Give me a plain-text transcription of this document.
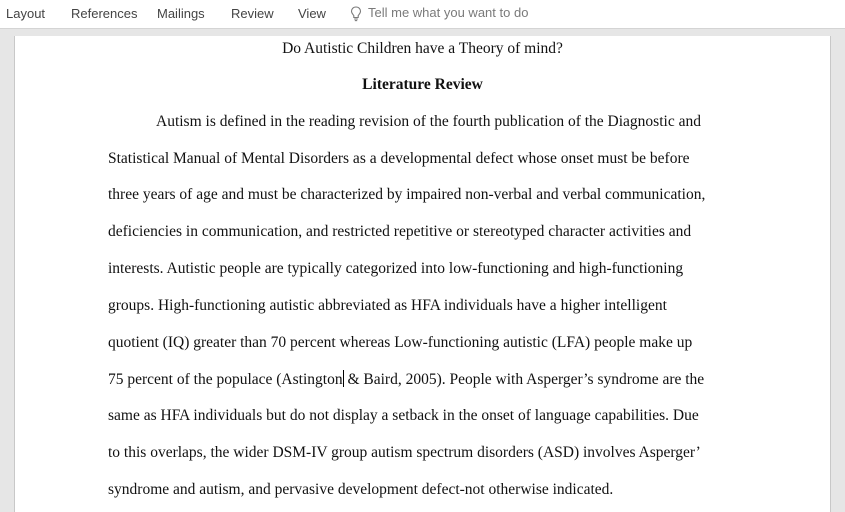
Layout References Mailings Review View	Tell me what you want to do
Do Autistic Children have a Theory of mind?
Literature Review
Autism is defined in the reading revision of the fourth publication of the Diagnostic and
Statistical Manual of Mental Disorders as a developmental defect whose onset must be before
three years of age and must be characterized by impaired non-verbal and verbal communication,
deficiencies in communication, and restricted repetitive or stereotyped character activities and
interests. Autistic people are typically categorized into low-functioning and high-functioning
groups. High-functioning autistic abbreviated as HFA individuals have a higher intelligent
quotient (IQ) greater than 70 percent whereas Low-functioning autistic (LFA) people make up
75 percent of the populace (Astington & Baird, 2005). People with Asperger’s syndrome are the
same as HFA individuals but do not display a setback in the onset of language capabilities. Due
to this overlaps, the wider DSM-IV group autism spectrum disorders (ASD) involves Asperger’
syndrome and autism, and pervasive development defect-not otherwise indicated.
